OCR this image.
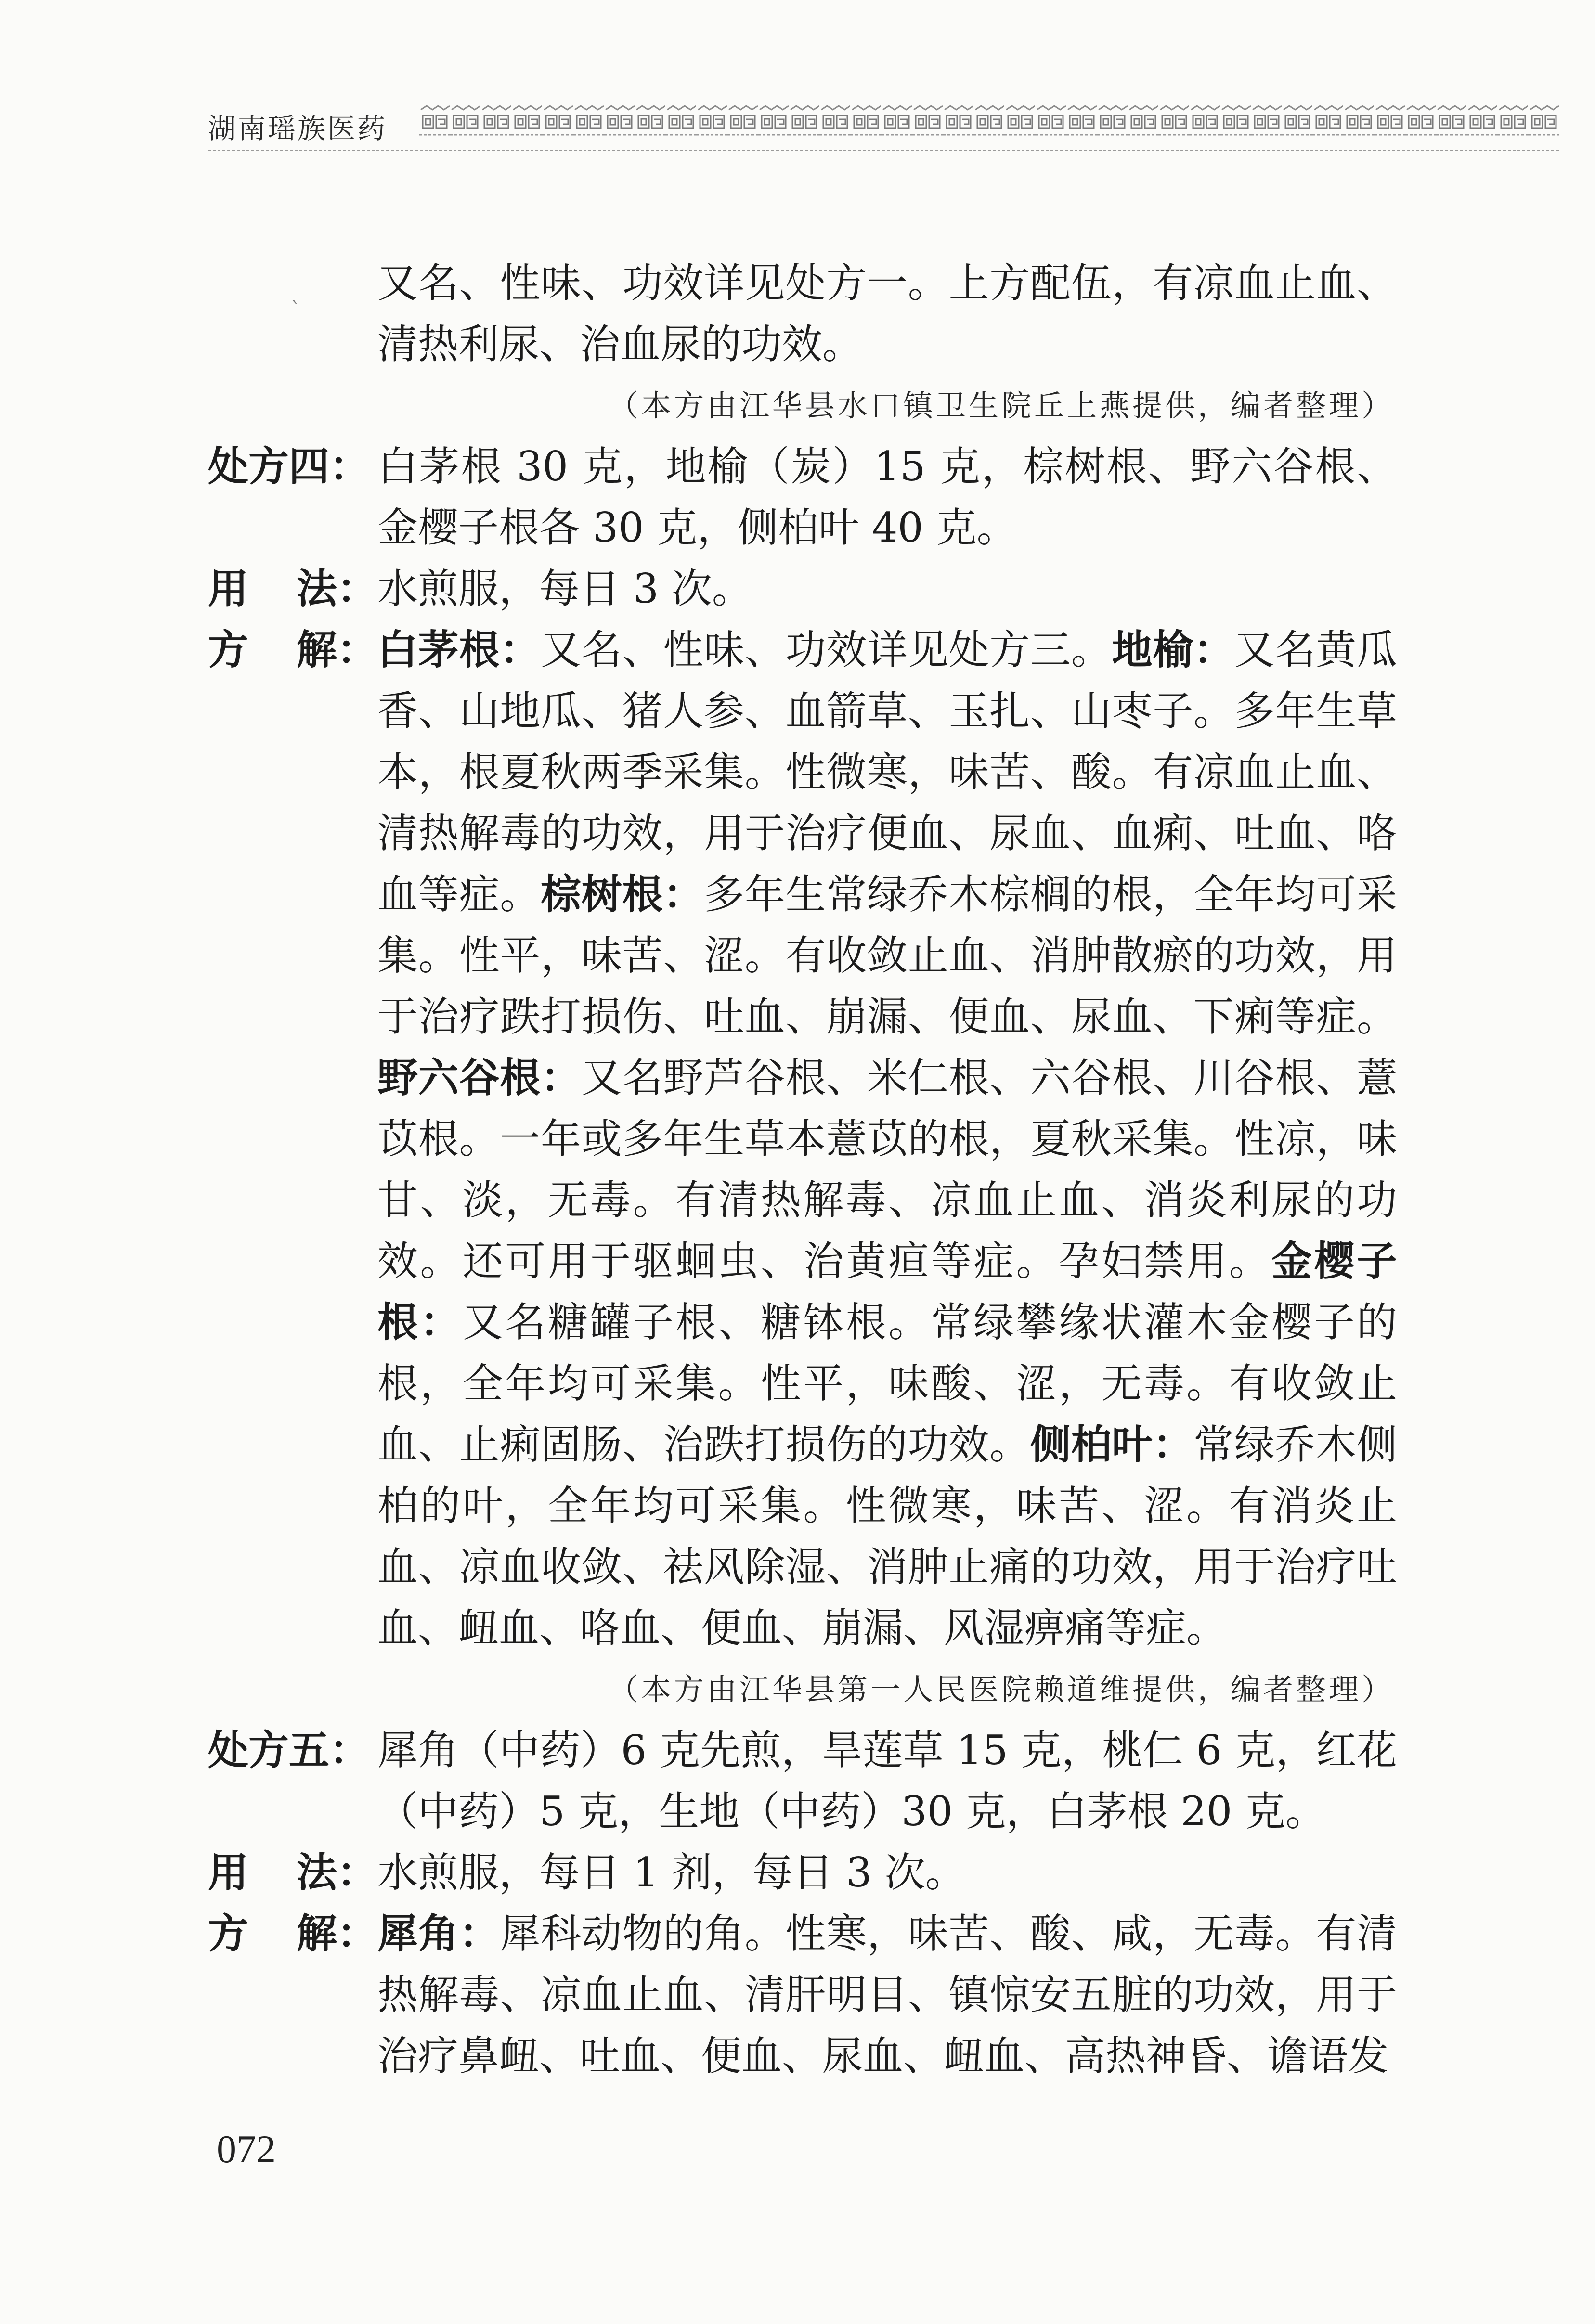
湖南瑶族医药
ˋ
又名、性味、功效详见处方一。上方配伍，有凉血止血、清热利尿、治血尿的功效。
（本方由江华县水口镇卫生院丘上燕提供，编者整理）
处方四： 白茅根 30 克，地榆（炭）15 克，棕树根、野六谷根、金樱子根各 30 克，侧柏叶 40 克。
用 法： 水煎服，每日 3 次。
方 解： 白茅根：又名、性味、功效详见处方三。地榆：又名黄瓜香、山地瓜、猪人参、血箭草、玉扎、山枣子。多年生草本，根夏秋两季采集。性微寒，味苦、酸。有凉血止血、清热解毒的功效，用于治疗便血、尿血、血痢、吐血、咯血等症。棕树根：多年生常绿乔木棕榈的根，全年均可采集。性平，味苦、涩。有收敛止血、消肿散瘀的功效，用于治疗跌打损伤、吐血、崩漏、便血、尿血、下痢等症。野六谷根：又名野芦谷根、米仁根、六谷根、川谷根、薏苡根。一年或多年生草本薏苡的根，夏秋采集。性凉，味甘、淡，无毒。有清热解毒、凉血止血、消炎利尿的功效。还可用于驱蛔虫、治黄疸等症。孕妇禁用。金樱子根：又名糖罐子根、糖钵根。常绿攀缘状灌木金樱子的根，全年均可采集。性平，味酸、涩，无毒。有收敛止血、止痢固肠、治跌打损伤的功效。侧柏叶：常绿乔木侧柏的叶，全年均可采集。性微寒，味苦、涩。有消炎止血、凉血收敛、祛风除湿、消肿止痛的功效，用于治疗吐血、衄血、咯血、便血、崩漏、风湿痹痛等症。
（本方由江华县第一人民医院赖道维提供，编者整理）
处方五： 犀角（中药）6 克先煎，旱莲草 15 克，桃仁 6 克，红花（中药）5 克，生地（中药）30 克，白茅根 20 克。
用 法： 水煎服，每日 1 剂，每日 3 次。
方 解： 犀角：犀科动物的角。性寒，味苦、酸、咸，无毒。有清热解毒、凉血止血、清肝明目、镇惊安五脏的功效，用于治疗鼻衄、吐血、便血、尿血、衄血、高热神昏、谵语发
072
